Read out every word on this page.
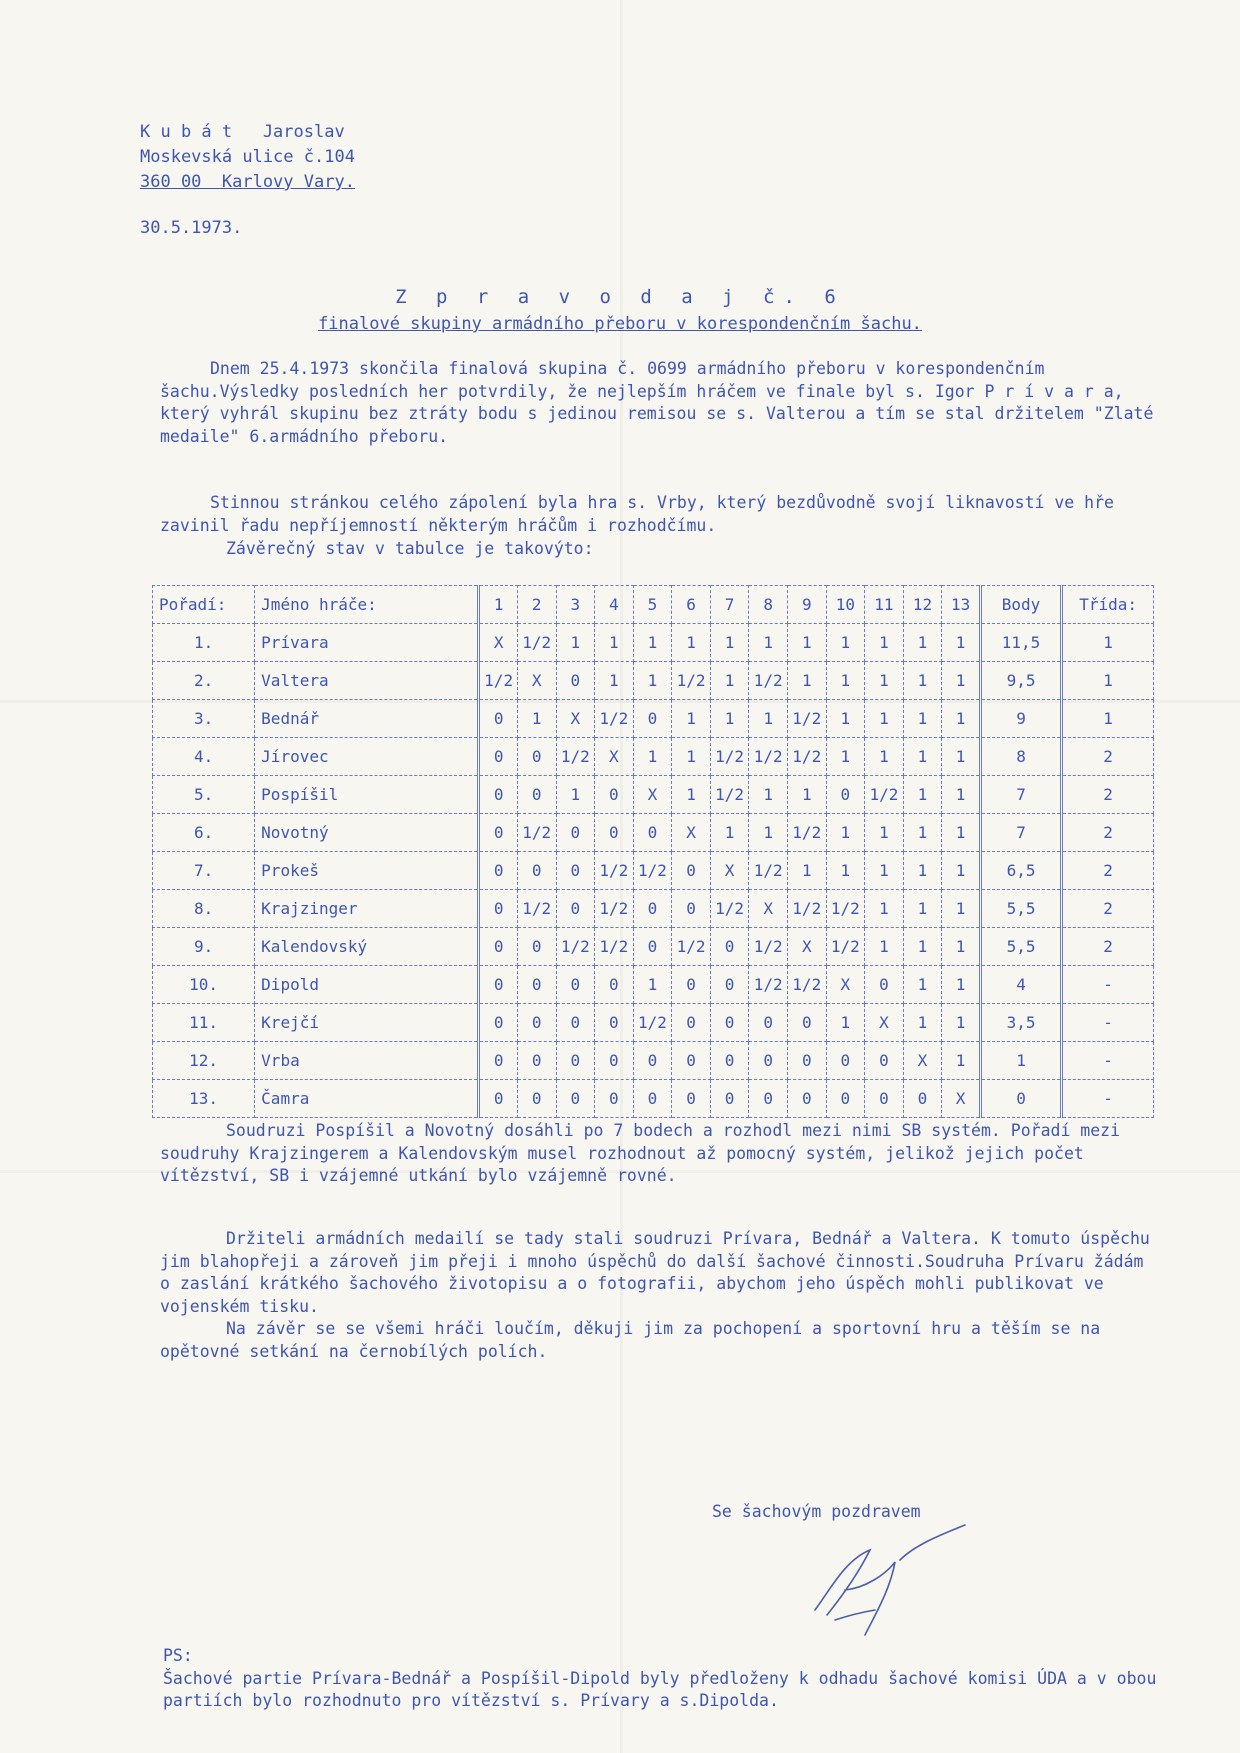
K u b á t   Jaroslav
Moskevská ulice č.104
360 00  Karlovy Vary.
30.5.1973.
Z p r a v o d a j č. 6
finalové skupiny armádního přeboru v korespondenčním šachu.
Dnem 25.4.1973 skončila finalová skupina č. 0699 armádního přeboru v korespondenčním šachu.Výsledky posledních her potvrdily, že nejlepším hráčem ve finale byl s. Igor P r í v a r a, který vyhrál skupinu bez ztráty bodu s jedinou remisou se s. Valterou a tím se stal držitelem "Zlaté medaile" 6.armádního přeboru.
Stinnou stránkou celého zápolení byla hra s. Vrby, který bezdůvodně svojí liknavostí ve hře zavinil řadu nepříjemností některým hráčům i rozhodčímu.
Závěrečný stav v tabulce je takovýto:
Pořadí:	Jméno hráče:	1	2	3	4	5	6	7	8	9	10	11	12	13	Body	Třída:
1.	Prívara	X	1/2	1	1	1	1	1	1	1	1	1	1	1	11,5	1
2.	Valtera	1/2	X	0	1	1	1/2	1	1/2	1	1	1	1	1	9,5	1
3.	Bednář	0	1	X	1/2	0	1	1	1	1/2	1	1	1	1	9	1
4.	Jírovec	0	0	1/2	X	1	1	1/2	1/2	1/2	1	1	1	1	8	2
5.	Pospíšil	0	0	1	0	X	1	1/2	1	1	0	1/2	1	1	7	2
6.	Novotný	0	1/2	0	0	0	X	1	1	1/2	1	1	1	1	7	2
7.	Prokeš	0	0	0	1/2	1/2	0	X	1/2	1	1	1	1	1	6,5	2
8.	Krajzinger	0	1/2	0	1/2	0	0	1/2	X	1/2	1/2	1	1	1	5,5	2
9.	Kalendovský	0	0	1/2	1/2	0	1/2	0	1/2	X	1/2	1	1	1	5,5	2
10.	Dipold	0	0	0	0	1	0	0	1/2	1/2	X	0	1	1	4	-
11.	Krejčí	0	0	0	0	1/2	0	0	0	0	1	X	1	1	3,5	-
12.	Vrba	0	0	0	0	0	0	0	0	0	0	0	X	1	1	-
13.	Čamra	0	0	0	0	0	0	0	0	0	0	0	0	X	0	-
Soudruzi Pospíšil a Novotný dosáhli po 7 bodech a rozhodl mezi nimi SB systém. Pořadí mezi soudruhy Krajzingerem a Kalendovským musel rozhodnout až pomocný systém, jelikož jejich počet vítězství, SB i vzájemné utkání bylo vzájemně rovné.
Držiteli armádních medailí se tady stali soudruzi Prívara, Bednář a Valtera. K tomuto úspěchu jim blahopřeji a zároveň jim přeji i mnoho úspěchů do další šachové činnosti.Soudruha Prívaru žádám o zaslání krátkého šachového životopisu a o fotografii, abychom jeho úspěch mohli publikovat ve vojenském tisku.
Na závěr se se všemi hráči loučím, děkuji jim za pochopení a sportovní hru a těším se na opětovné setkání na černobílých polích.
Se šachovým pozdravem
PS:
Šachové partie Prívara-Bednář a Pospíšil-Dipold byly předloženy k odhadu šachové komisi ÚDA a v obou partiích bylo rozhodnuto pro vítězství s. Prívary a s.Dipolda.
